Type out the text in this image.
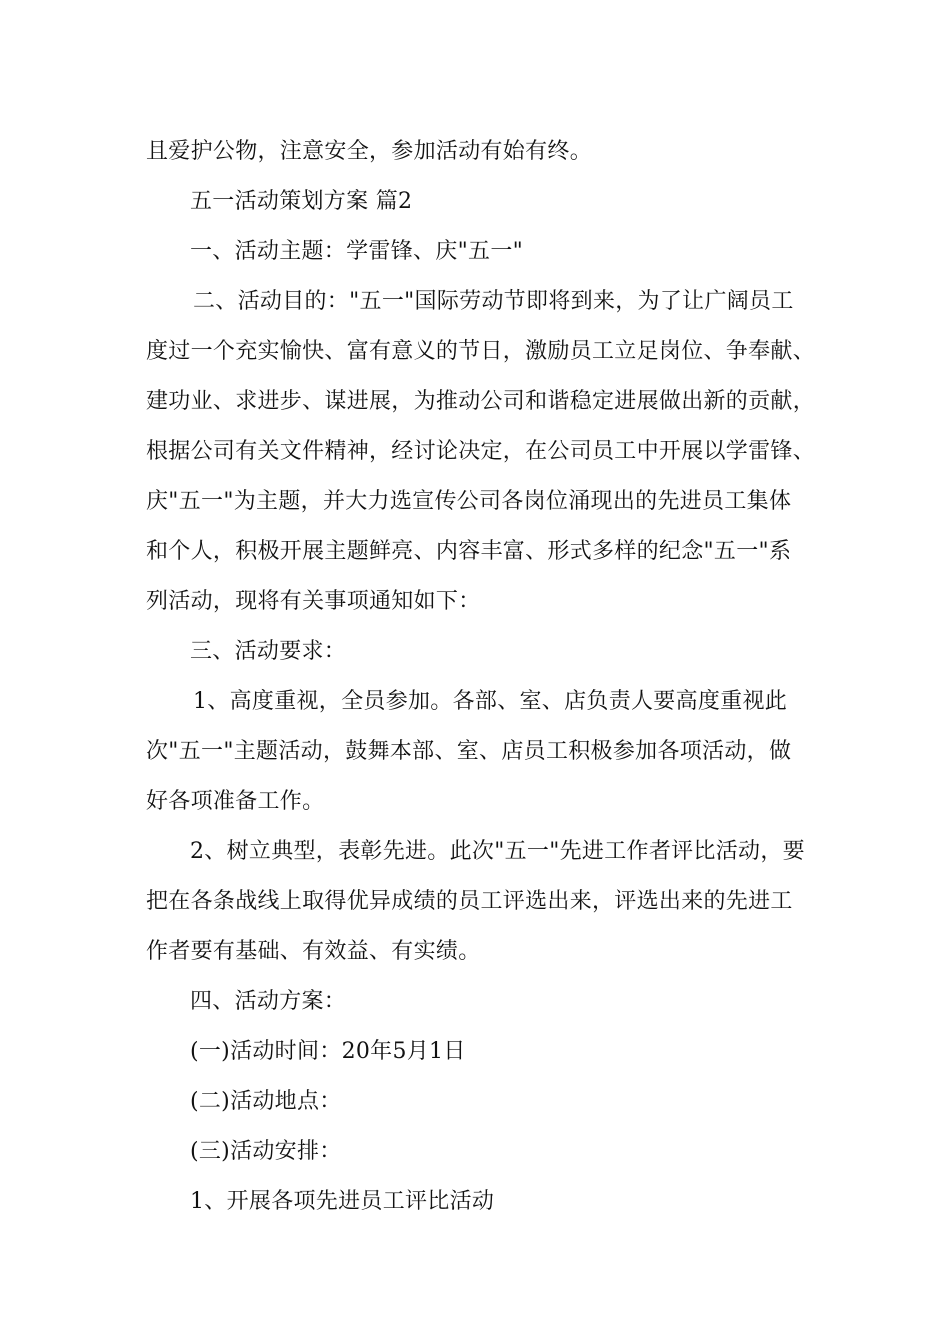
且爱护公物，注意安全，参加活动有始有终。
五一活动策划方案 篇2
一、活动主题：学雷锋、庆"五一"
二、活动目的："五一"国际劳动节即将到来，为了让广阔员工
度过一个充实愉快、富有意义的节日，激励员工立足岗位、争奉献、
建功业、求进步、谋进展，为推动公司和谐稳定进展做出新的贡献，
根据公司有关文件精神，经讨论决定，在公司员工中开展以学雷锋、
庆"五一"为主题，并大力选宣传公司各岗位涌现出的先进员工集体
和个人，积极开展主题鲜亮、内容丰富、形式多样的纪念"五一"系
列活动，现将有关事项通知如下：
三、活动要求：
1、高度重视，全员参加。各部、室、店负责人要高度重视此
次"五一"主题活动，鼓舞本部、室、店员工积极参加各项活动，做
好各项准备工作。
2、树立典型，表彰先进。此次"五一"先进工作者评比活动，要
把在各条战线上取得优异成绩的员工评选出来，评选出来的先进工
作者要有基础、有效益、有实绩。
四、活动方案：
(一)活动时间：20年5月1日
(二)活动地点：
(三)活动安排：
1、开展各项先进员工评比活动
